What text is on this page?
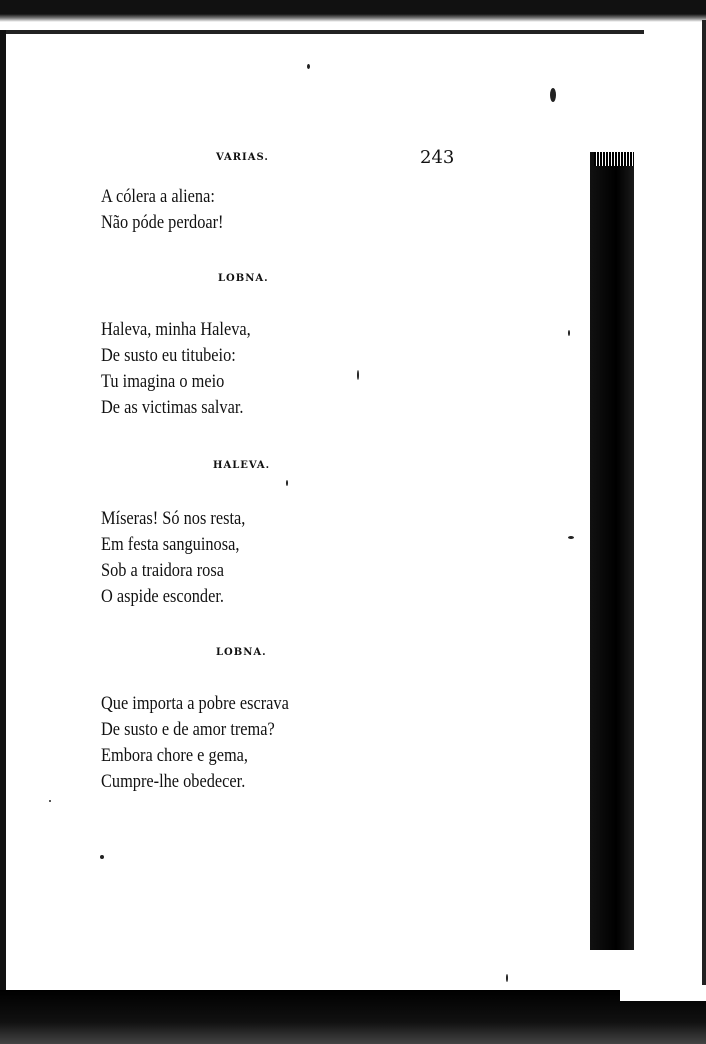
VARIAS.	243
A cólera a aliena:
Não póde perdoar!
LOBNA.
Haleva, minha Haleva,
De susto eu titubeio:
Tu imagina o meio
De as victimas salvar.
HALEVA.
Míseras! Só nos resta,
Em festa sanguinosa,
Sob a traidora rosa
O aspide esconder.
LOBNA.
Que importa a pobre escrava
De susto e de amor trema?
Embora chore e gema,
Cumpre-lhe obedecer.
